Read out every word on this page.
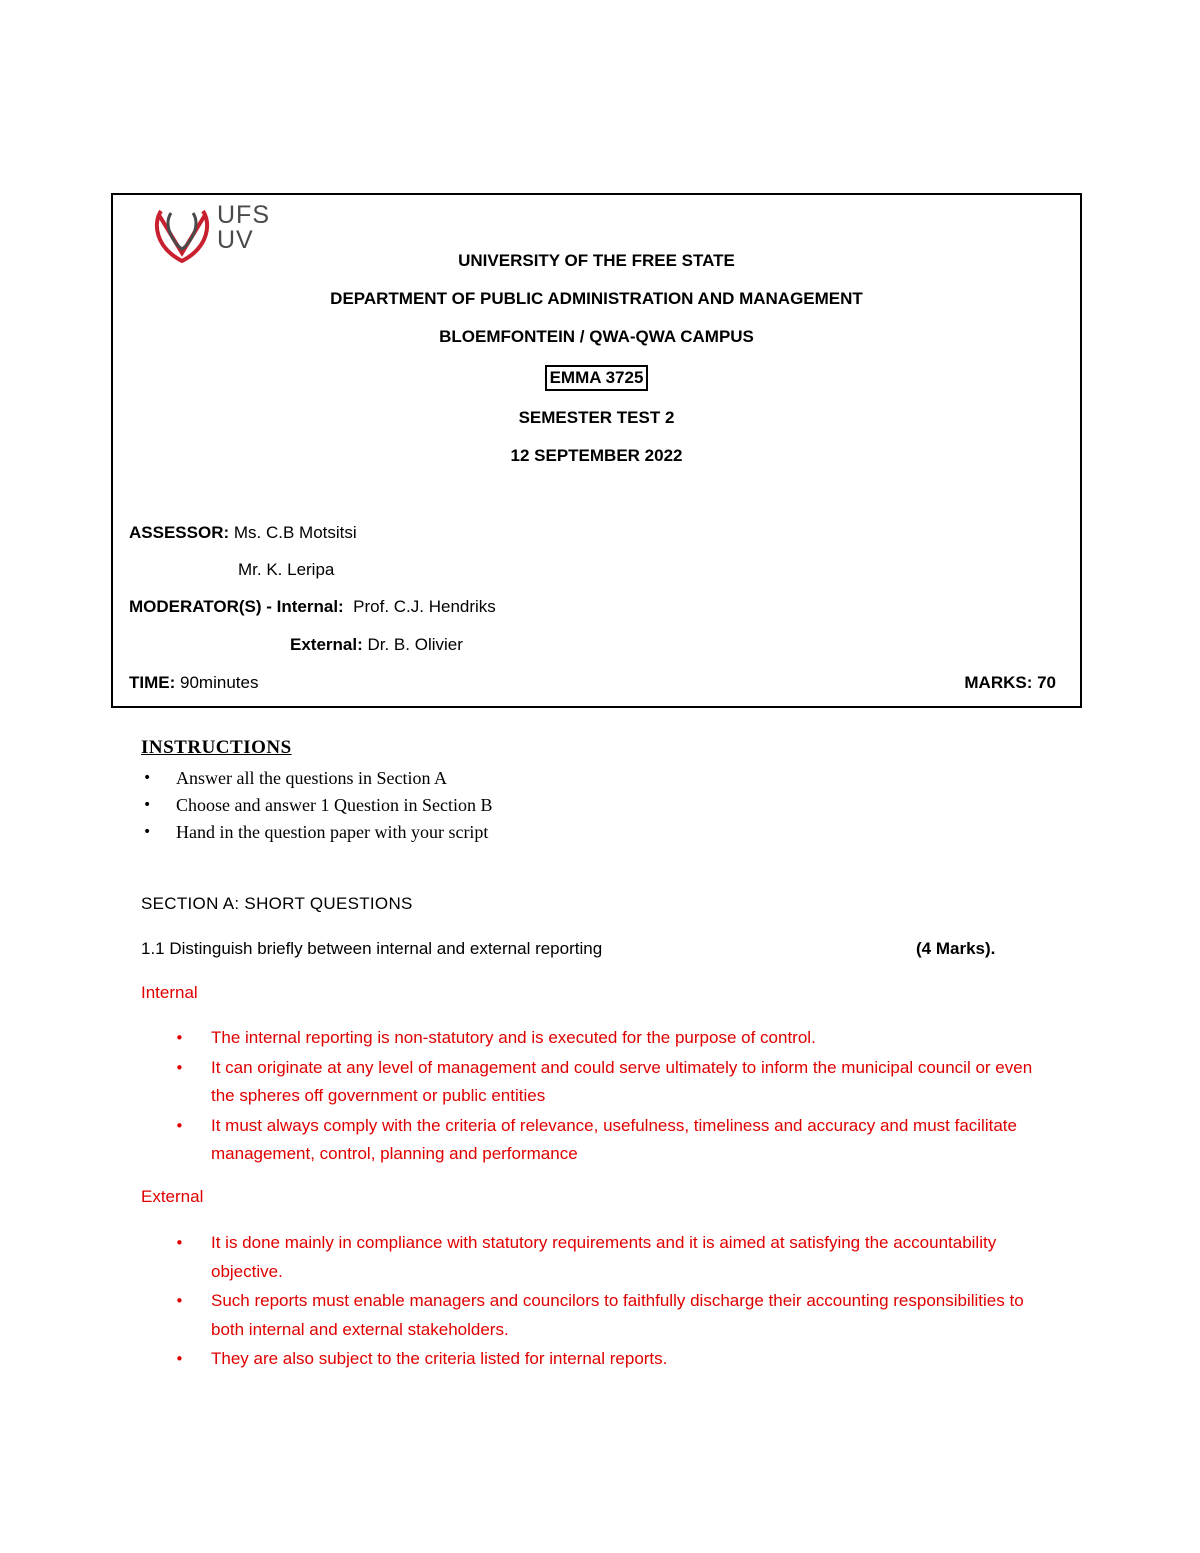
UFS
UV
UNIVERSITY OF THE FREE STATE
DEPARTMENT OF PUBLIC ADMINISTRATION AND MANAGEMENT
BLOEMFONTEIN / QWA-QWA CAMPUS
EMMA 3725
SEMESTER TEST 2
12 SEPTEMBER 2022
ASSESSOR: Ms. C.B Motsitsi
Mr. K. Leripa
MODERATOR(S) - Internal: Prof. C.J. Hendriks
External: Dr. B. Olivier
TIME: 90minutes	MARKS: 70
INSTRUCTIONS
• Answer all the questions in Section A
• Choose and answer 1 Question in Section B
• Hand in the question paper with your script
SECTION A: SHORT QUESTIONS
1.1 Distinguish briefly between internal and external reporting	(4 Marks).
Internal
• The internal reporting is non-statutory and is executed for the purpose of control.
• It can originate at any level of management and could serve ultimately to inform the municipal council or even the spheres off government or public entities
• It must always comply with the criteria of relevance, usefulness, timeliness and accuracy and must facilitate management, control, planning and performance
External
• It is done mainly in compliance with statutory requirements and it is aimed at satisfying the accountability objective.
• Such reports must enable managers and councilors to faithfully discharge their accounting responsibilities to both internal and external stakeholders.
• They are also subject to the criteria listed for internal reports.
